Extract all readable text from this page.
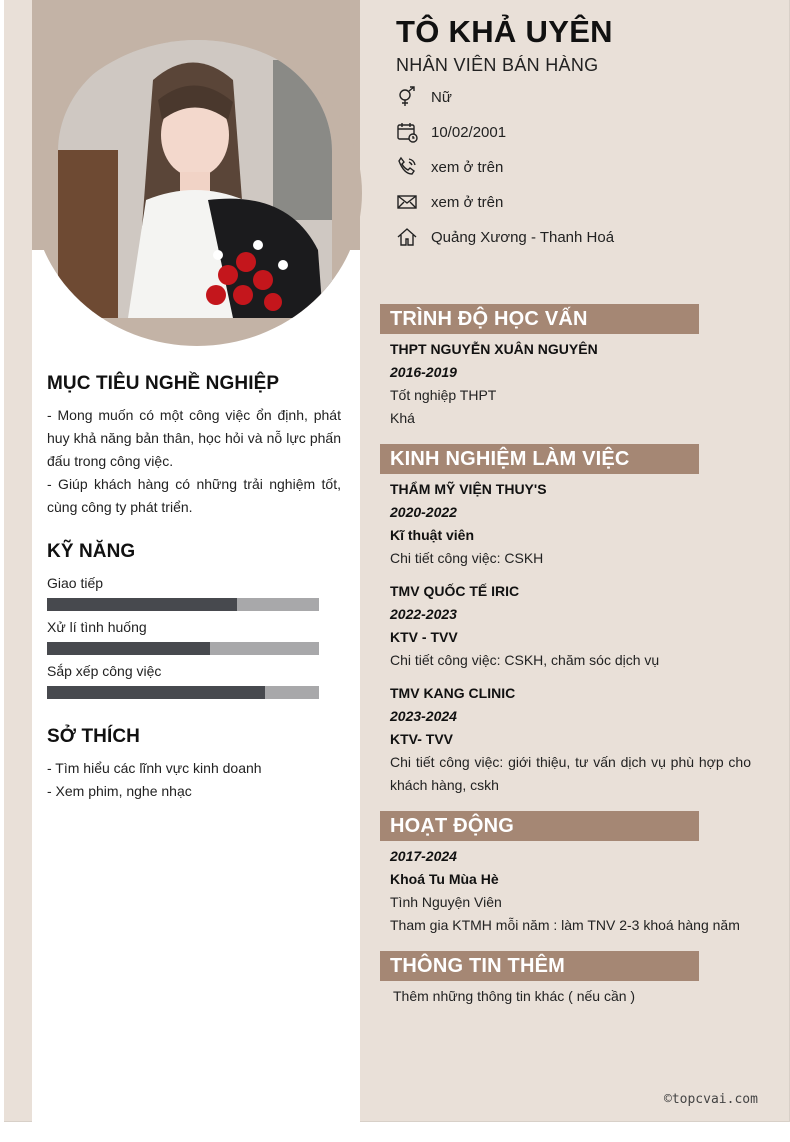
©topcvai.com
MỤC TIÊU NGHỀ NGHIỆP
- Mong muốn có một công việc ổn định, phát huy khả năng bản thân, học hỏi và nỗ lực phấn đấu trong công việc.
- Giúp khách hàng có những trải nghiệm tốt, cùng công ty phát triển.
KỸ NĂNG
Giao tiếp
Xử lí tình huống
Sắp xếp công việc
SỞ THÍCH
- Tìm hiểu các lĩnh vực kinh doanh
- Xem phim, nghe nhạc
TÔ KHẢ UYÊN
NHÂN VIÊN BÁN HÀNG
Nữ
10/02/2001
xem ở trên
xem ở trên
Quảng Xương - Thanh Hoá
TRÌNH ĐỘ HỌC VẤN
THPT NGUYỄN XUÂN NGUYÊN
2016-2019
Tốt nghiệp THPT
Khá
KINH NGHIỆM LÀM VIỆC
THẨM MỸ VIỆN THUY'S
2020-2022
Kĩ thuật viên
Chi tiết công việc: CSKH
TMV QUỐC TẾ IRIC
2022-2023
KTV - TVV
Chi tiết công việc: CSKH, chăm sóc dịch vụ
TMV KANG CLINIC
2023-2024
KTV- TVV
Chi tiết công việc: giới thiệu, tư vấn dịch vụ phù hợp cho khách hàng, cskh
HOẠT ĐỘNG
2017-2024
Khoá Tu Mùa Hè
Tình Nguyện Viên
Tham gia KTMH mỗi năm : làm TNV 2-3 khoá hàng năm
THÔNG TIN THÊM
Thêm những thông tin khác ( nếu cần )
